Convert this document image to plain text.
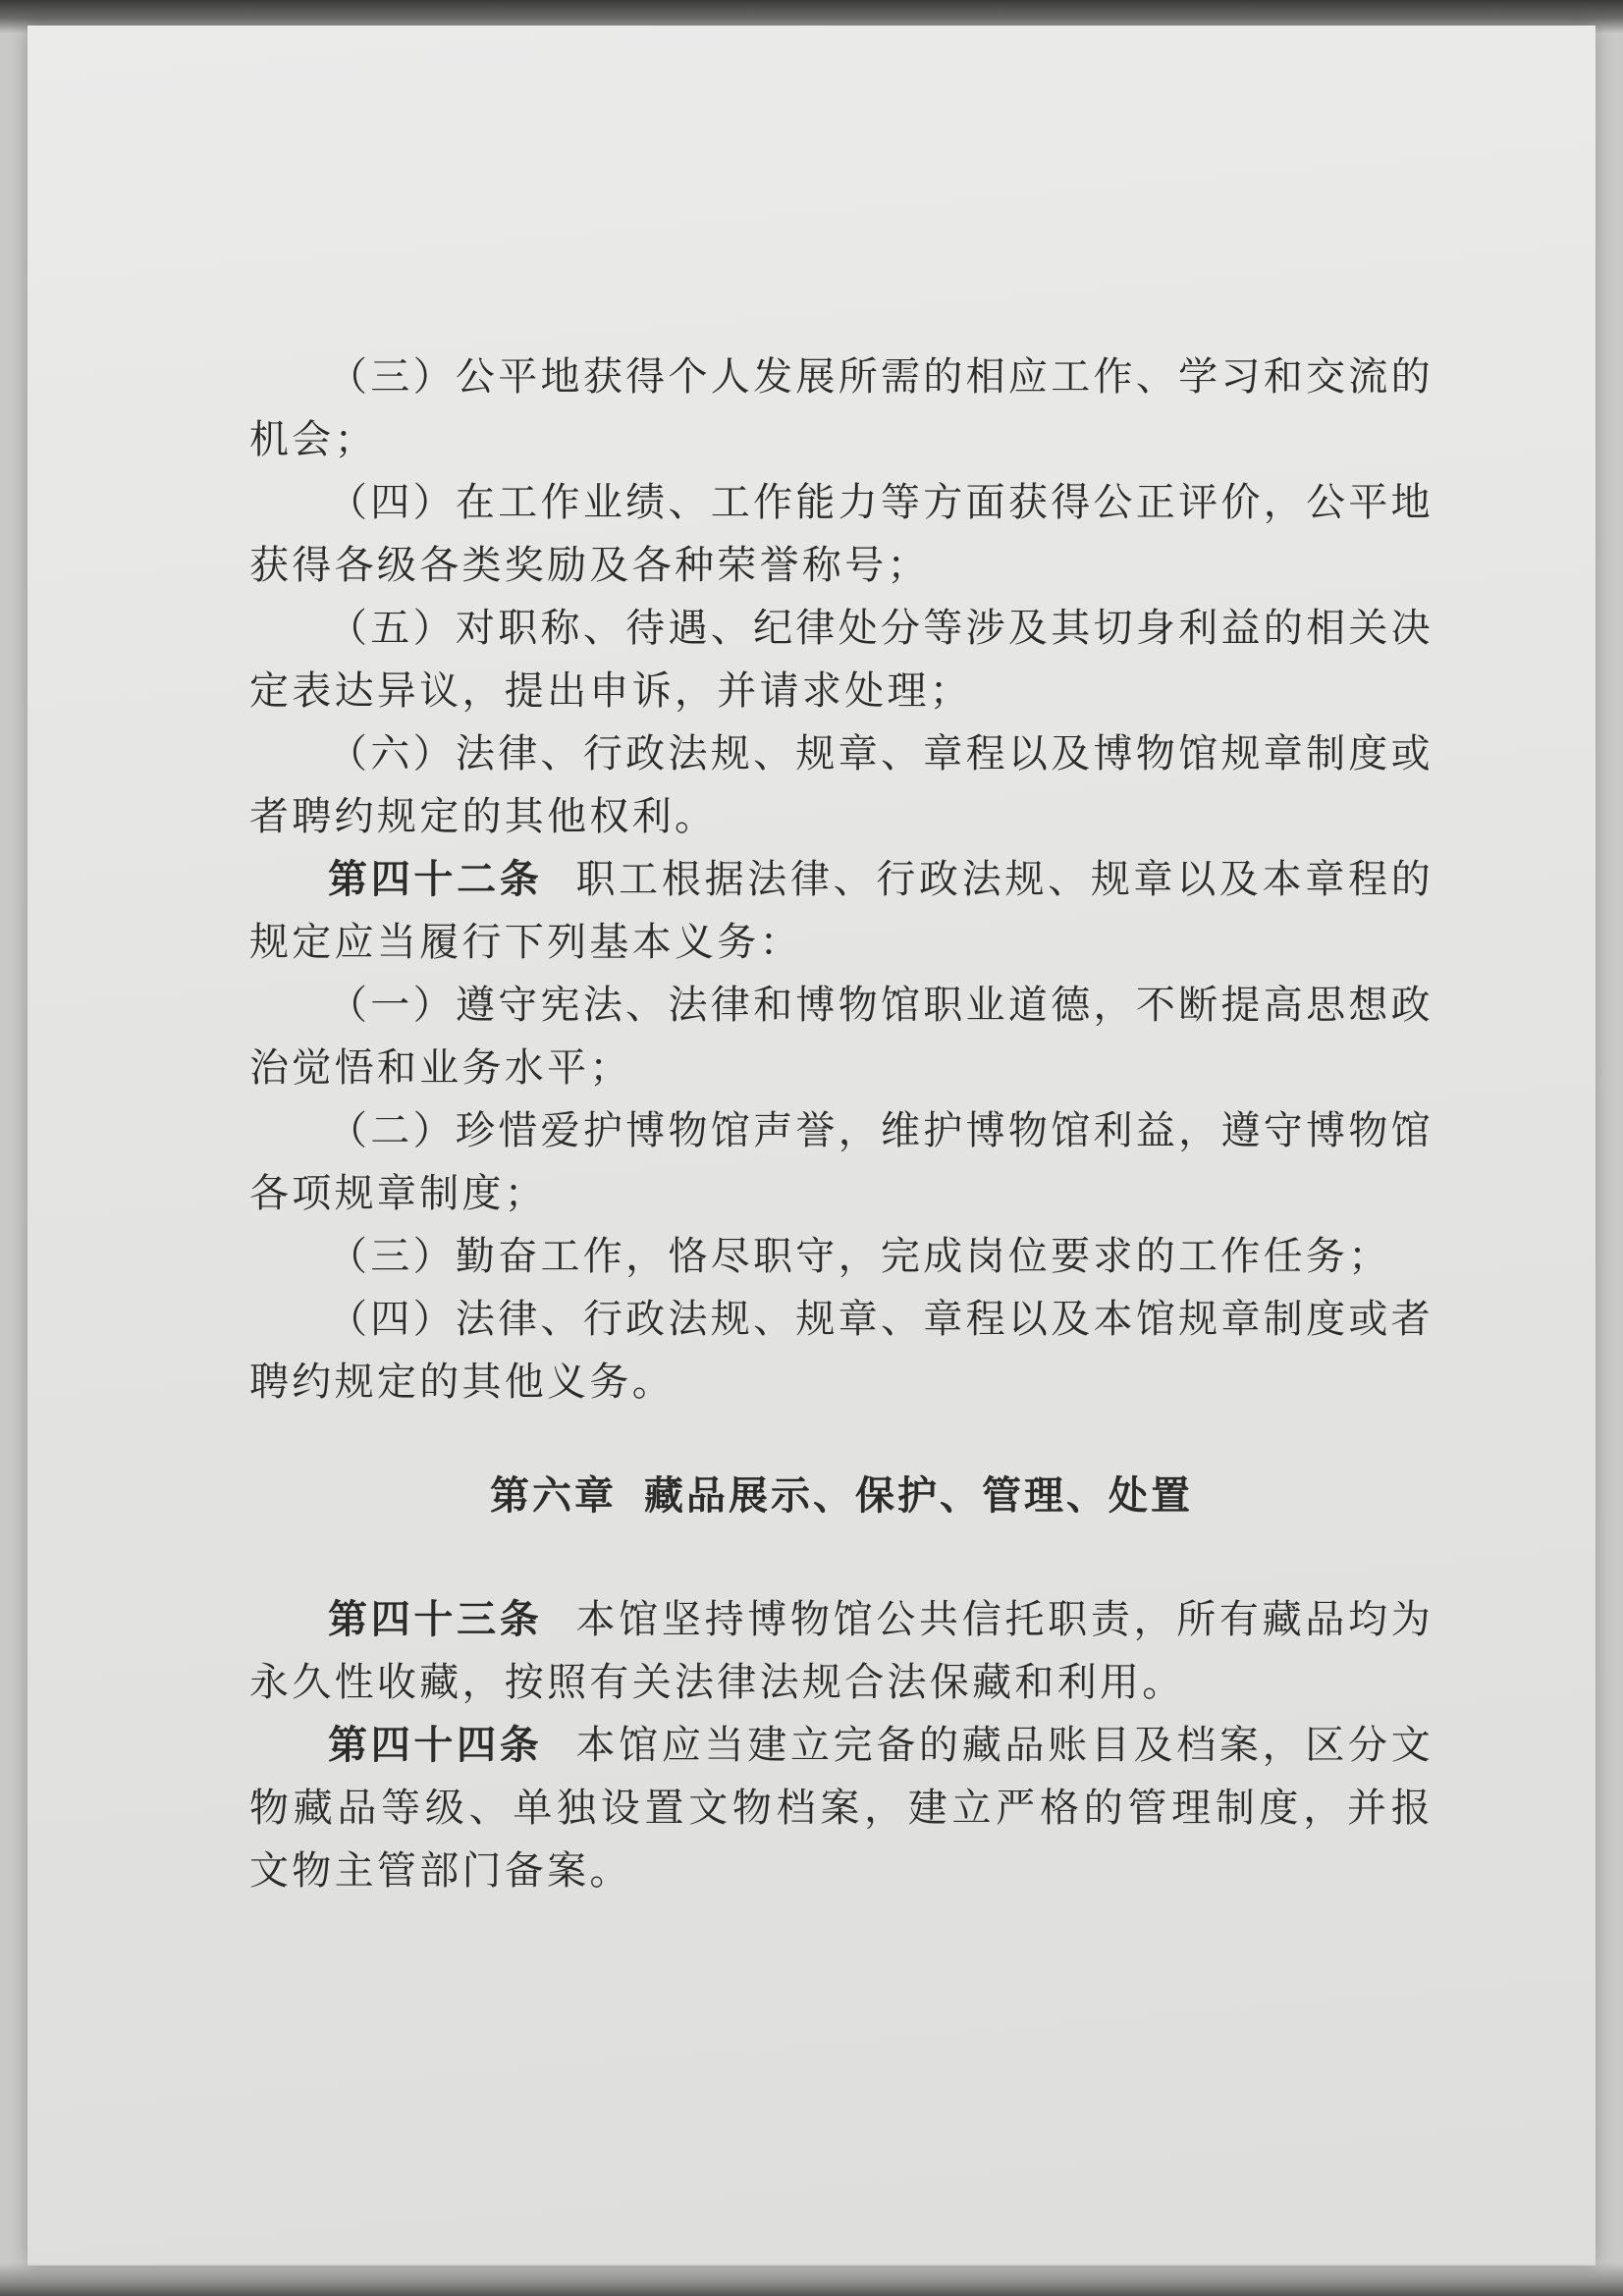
（三）公平地获得个人发展所需的相应工作、学习和交流的机会；

（四）在工作业绩、工作能力等方面获得公正评价，公平地获得各级各类奖励及各种荣誉称号；

（五）对职称、待遇、纪律处分等涉及其切身利益的相关决定表达异议，提出申诉，并请求处理；

（六）法律、行政法规、规章、章程以及博物馆规章制度或者聘约规定的其他权利。

第四十二条 职工根据法律、行政法规、规章以及本章程的规定应当履行下列基本义务：

（一）遵守宪法、法律和博物馆职业道德，不断提高思想政治觉悟和业务水平；

（二）珍惜爱护博物馆声誉，维护博物馆利益，遵守博物馆各项规章制度；

（三）勤奋工作，恪尽职守，完成岗位要求的工作任务；

（四）法律、行政法规、规章、章程以及本馆规章制度或者聘约规定的其他义务。

第六章 藏品展示、保护、管理、处置

第四十三条 本馆坚持博物馆公共信托职责，所有藏品均为永久性收藏，按照有关法律法规合法保藏和利用。

第四十四条 本馆应当建立完备的藏品账目及档案，区分文物藏品等级、单独设置文物档案，建立严格的管理制度，并报文物主管部门备案。
